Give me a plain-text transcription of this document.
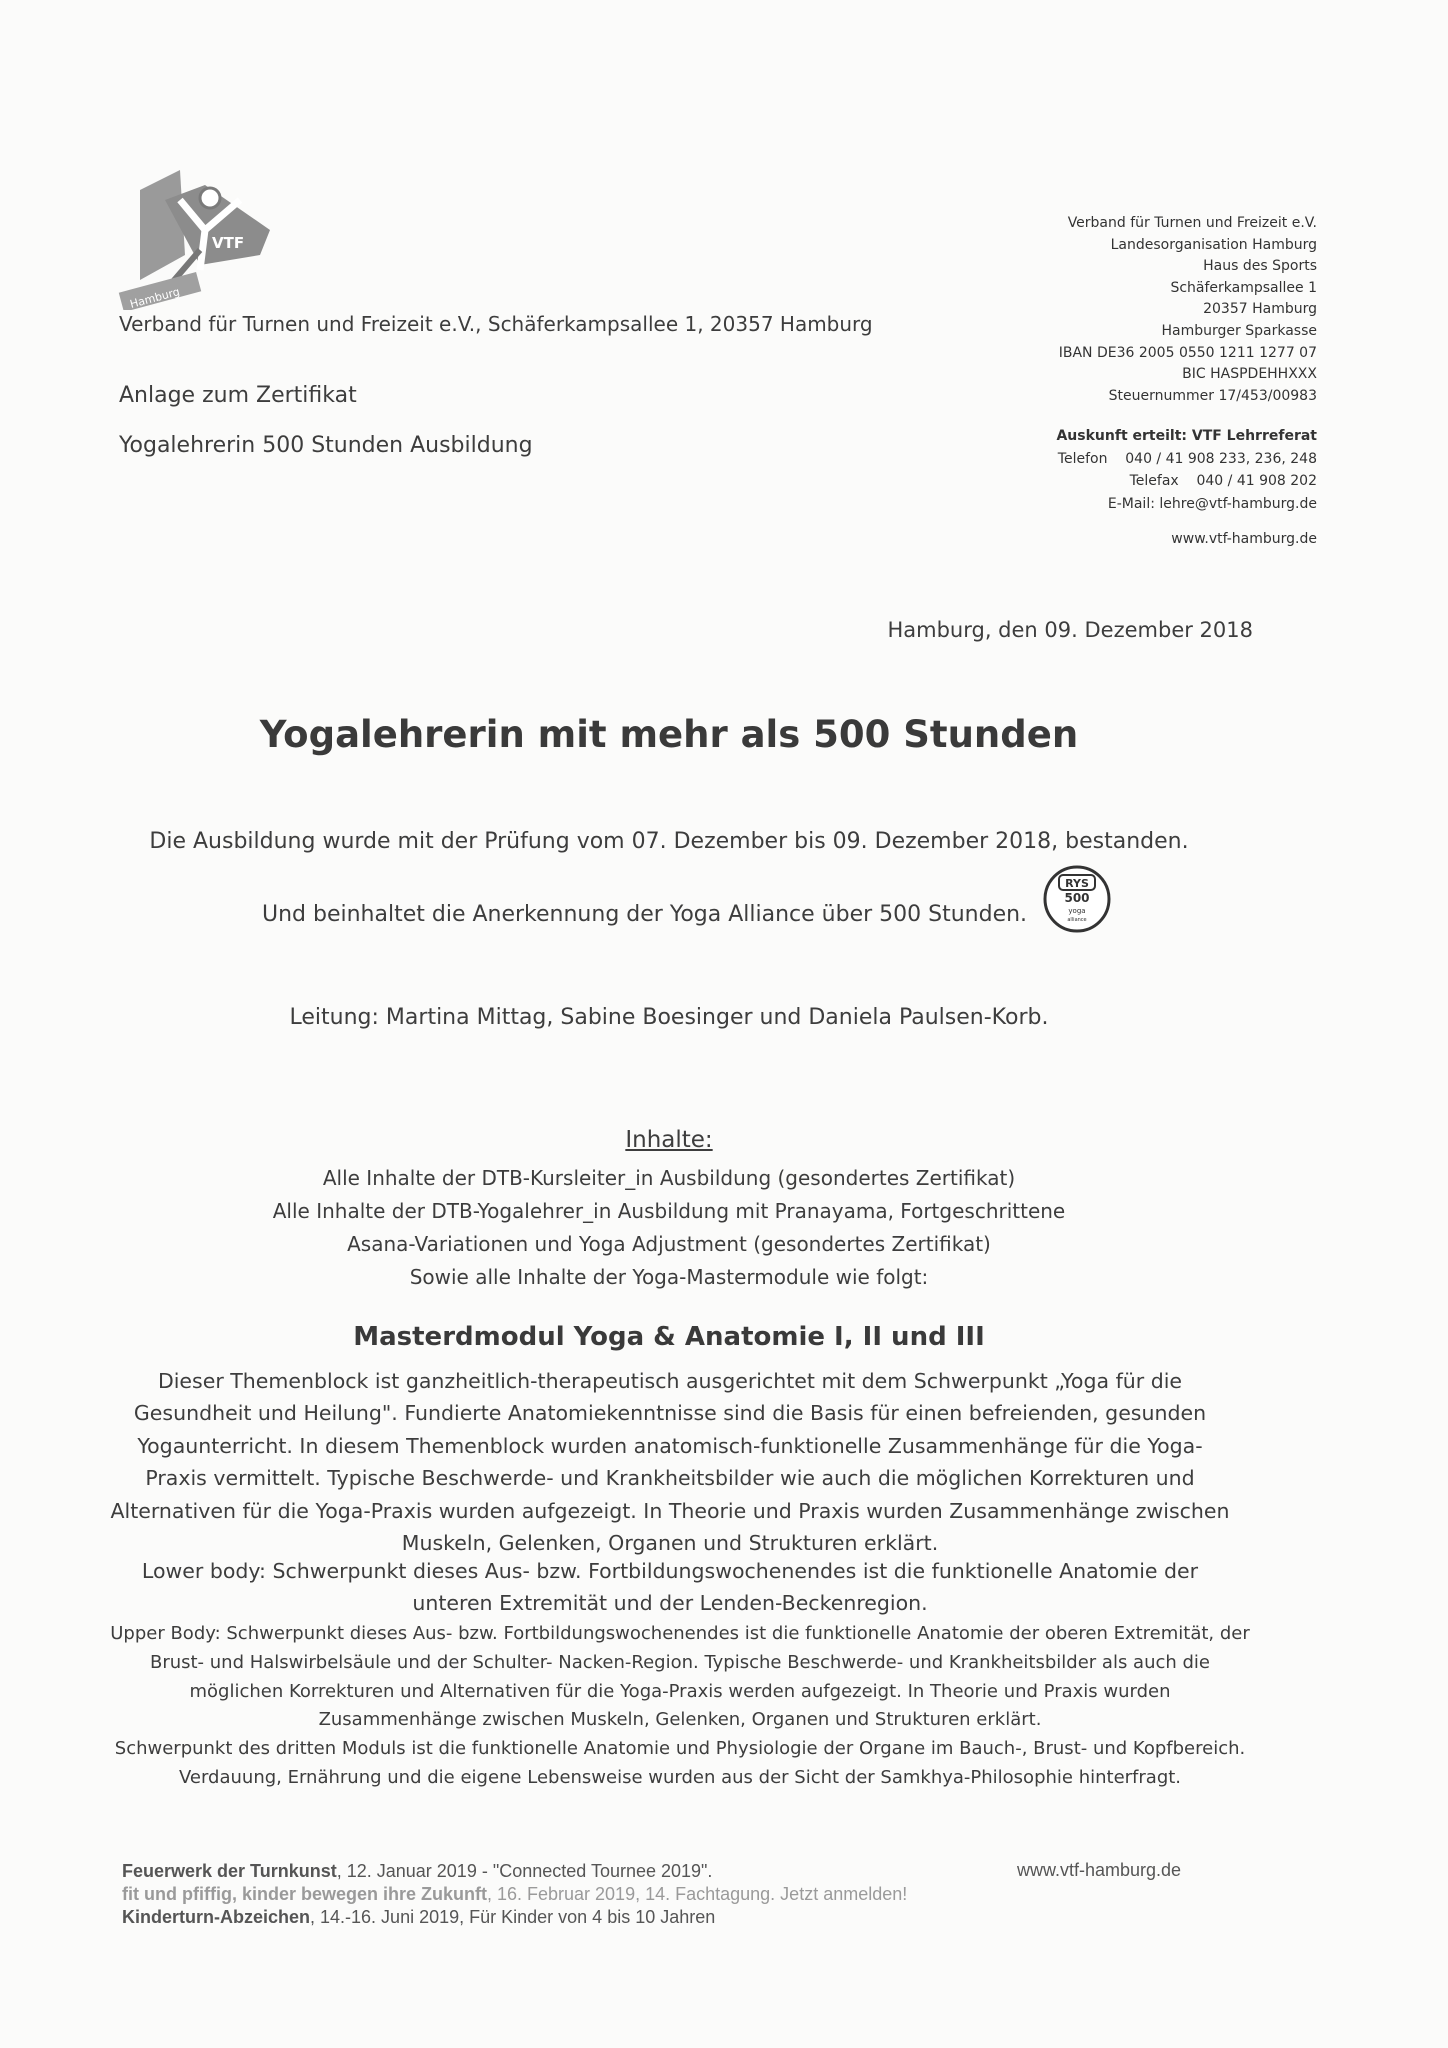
VTF
Hamburg
Verband für Turnen und Freizeit e.V., Schäferkampsallee 1, 20357 Hamburg
Anlage zum Zertifikat
Yogalehrerin 500 Stunden Ausbildung
Verband für Turnen und Freizeit e.V.
Landesorganisation Hamburg
Haus des Sports
Schäferkampsallee 1
20357 Hamburg
Hamburger Sparkasse
IBAN DE36 2005 0550 1211 1277 07
BIC HASPDEHHXXX
Steuernummer 17/453/00983
Auskunft erteilt: VTF Lehrreferat
Telefon    040 / 41 908 233, 236, 248
Telefax    040 / 41 908 202
E-Mail: lehre@vtf-hamburg.de
www.vtf-hamburg.de
Hamburg, den 09. Dezember 2018
Yogalehrerin mit mehr als 500 Stunden
Die Ausbildung wurde mit der Prüfung vom 07. Dezember bis 09. Dezember 2018, bestanden.
Und beinhaltet die Anerkennung der Yoga Alliance über 500 Stunden.
RYS
500
yoga
alliance
Leitung: Martina Mittag, Sabine Boesinger und Daniela Paulsen-Korb.
Inhalte:
Alle Inhalte der DTB-Kursleiter_in Ausbildung (gesondertes Zertifikat)
Alle Inhalte der DTB-Yogalehrer_in Ausbildung mit Pranayama, Fortgeschrittene
Asana-Variationen und Yoga Adjustment (gesondertes Zertifikat)
Sowie alle Inhalte der Yoga-Mastermodule wie folgt:
Masterdmodul Yoga & Anatomie I, II und III
Dieser Themenblock ist ganzheitlich-therapeutisch ausgerichtet mit dem Schwerpunkt „Yoga für die Gesundheit und Heilung". Fundierte Anatomiekenntnisse sind die Basis für einen befreienden, gesunden Yogaunterricht. In diesem Themenblock wurden anatomisch-funktionelle Zusammenhänge für die Yoga-Praxis vermittelt. Typische Beschwerde- und Krankheitsbilder wie auch die möglichen Korrekturen und Alternativen für die Yoga-Praxis wurden aufgezeigt. In Theorie und Praxis wurden Zusammenhänge zwischen Muskeln, Gelenken, Organen und Strukturen erklärt.
Lower body: Schwerpunkt dieses Aus- bzw. Fortbildungswochenendes ist die funktionelle Anatomie der unteren Extremität und der Lenden-Beckenregion.
Upper Body: Schwerpunkt dieses Aus- bzw. Fortbildungswochenendes ist die funktionelle Anatomie der oberen Extremität, der Brust- und Halswirbelsäule und der Schulter- Nacken-Region. Typische Beschwerde- und Krankheitsbilder als auch die möglichen Korrekturen und Alternativen für die Yoga-Praxis werden aufgezeigt. In Theorie und Praxis wurden Zusammenhänge zwischen Muskeln, Gelenken, Organen und Strukturen erklärt.
Schwerpunkt des dritten Moduls ist die funktionelle Anatomie und Physiologie der Organe im Bauch-, Brust- und Kopfbereich. Verdauung, Ernährung und die eigene Lebensweise wurden aus der Sicht der Samkhya-Philosophie hinterfragt.
Feuerwerk der Turnkunst, 12. Januar 2019 - "Connected Tournee 2019".
fit und pfiffig, kinder bewegen ihre Zukunft, 16. Februar 2019, 14. Fachtagung. Jetzt anmelden!
Kinderturn-Abzeichen, 14.-16. Juni 2019, Für Kinder von 4 bis 10 Jahren
www.vtf-hamburg.de
